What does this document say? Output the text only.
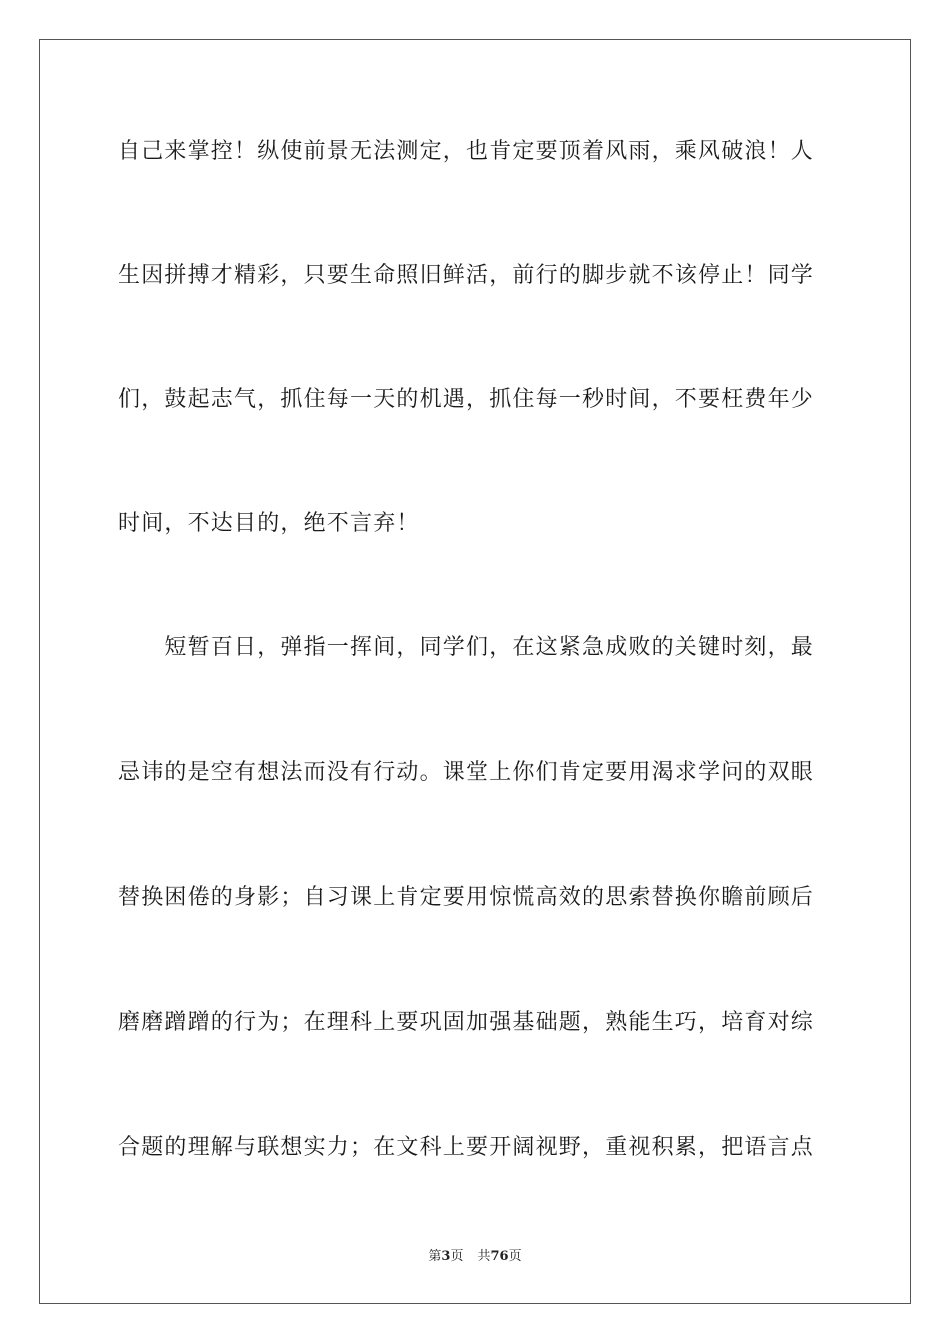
自己来掌控！纵使前景无法测定，也肯定要顶着风雨，乘风破浪！人
生因拼搏才精彩，只要生命照旧鲜活，前行的脚步就不该停止！同学
们，鼓起志气，抓住每一天的机遇，抓住每一秒时间，不要枉费年少
时间，不达目的，绝不言弃！
　　短暂百日，弹指一挥间，同学们，在这紧急成败的关键时刻，最
忌讳的是空有想法而没有行动。课堂上你们肯定要用渴求学问的双眼
替换困倦的身影；自习课上肯定要用惊慌高效的思索替换你瞻前顾后
磨磨蹭蹭的行为；在理科上要巩固加强基础题，熟能生巧，培育对综
合题的理解与联想实力；在文科上要开阔视野，重视积累，把语言点
第3页 共76页
